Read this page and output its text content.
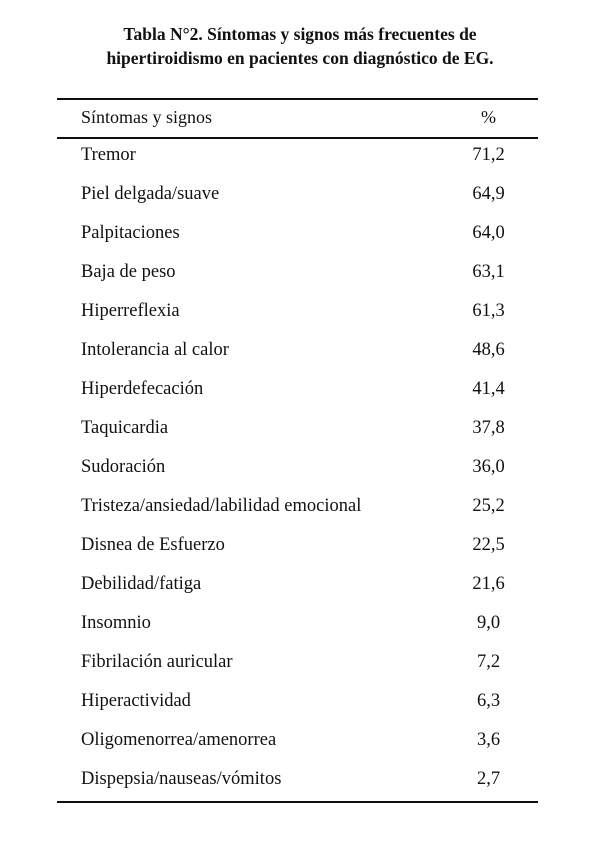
Tabla N°2. Síntomas y signos más frecuentes de
hipertiroidismo en pacientes con diagnóstico de EG.
Síntomas y signos	%
Tremor	71,2
Piel delgada/suave	64,9
Palpitaciones	64,0
Baja de peso	63,1
Hiperreflexia	61,3
Intolerancia al calor	48,6
Hiperdefecación	41,4
Taquicardia	37,8
Sudoración	36,0
Tristeza/ansiedad/labilidad emocional	25,2
Disnea de Esfuerzo	22,5
Debilidad/fatiga	21,6
Insomnio	9,0
Fibrilación auricular	7,2
Hiperactividad	6,3
Oligomenorrea/amenorrea	3,6
Dispepsia/nauseas/vómitos	2,7
